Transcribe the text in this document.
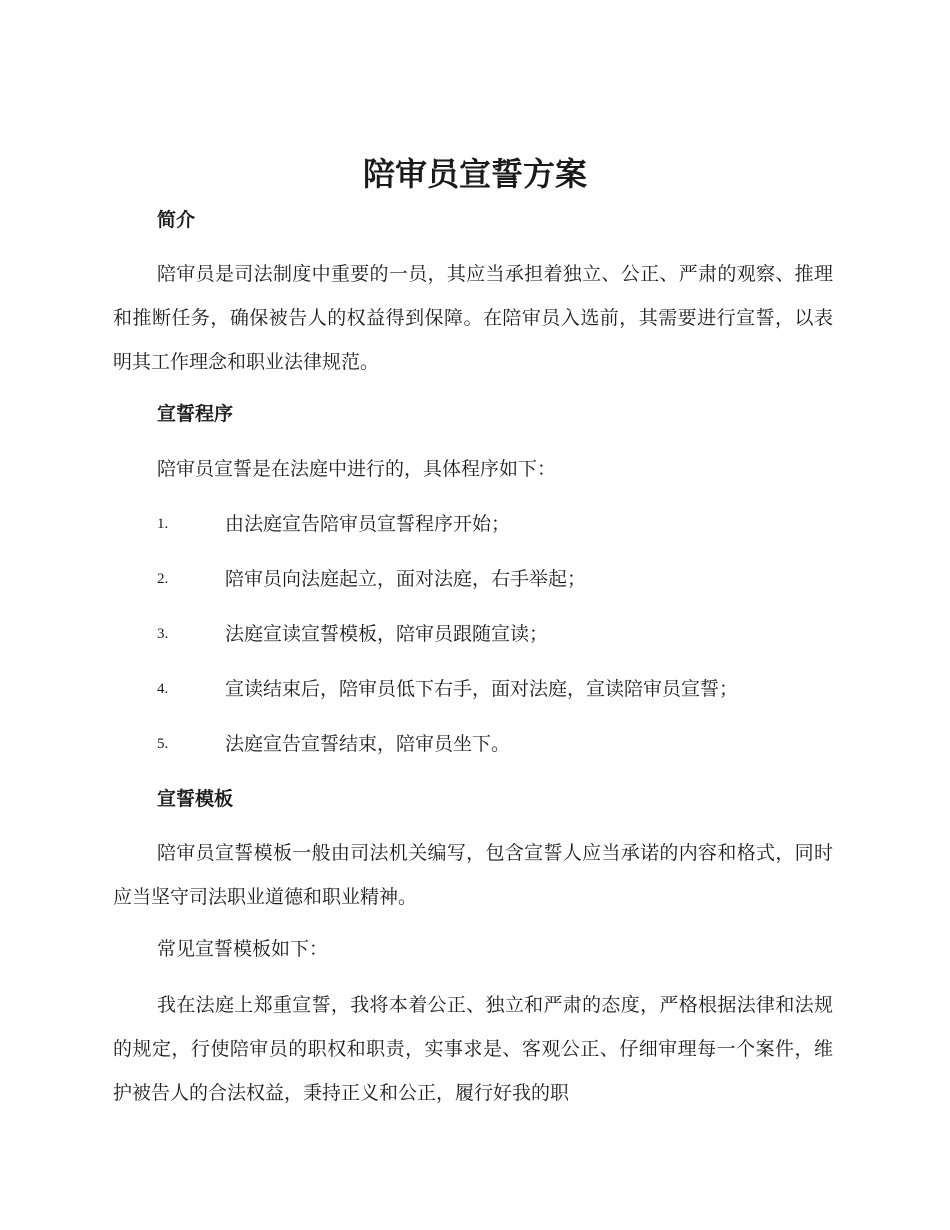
陪审员宣誓方案
简介

陪审员是司法制度中重要的一员，其应当承担着独立、公正、严肃的观察、推理和推断任务，确保被告人的权益得到保障。在陪审员入选前，其需要进行宣誓，以表明其工作理念和职业法律规范。

宣誓程序

陪审员宣誓是在法庭中进行的，具体程序如下：

1.	由法庭宣告陪审员宣誓程序开始；
2.	陪审员向法庭起立，面对法庭，右手举起；
3.	法庭宣读宣誓模板，陪审员跟随宣读；
4.	宣读结束后，陪审员低下右手，面对法庭，宣读陪审员宣誓；
5.	法庭宣告宣誓结束，陪审员坐下。
宣誓模板

陪审员宣誓模板一般由司法机关编写，包含宣誓人应当承诺的内容和格式，同时应当坚守司法职业道德和职业精神。

常见宣誓模板如下：

我在法庭上郑重宣誓，我将本着公正、独立和严肃的态度，严格根据法律和法规的规定，行使陪审员的职权和职责，实事求是、客观公正、仔细审理每一个案件，维护被告人的合法权益，秉持正义和公正，履行好我的职
